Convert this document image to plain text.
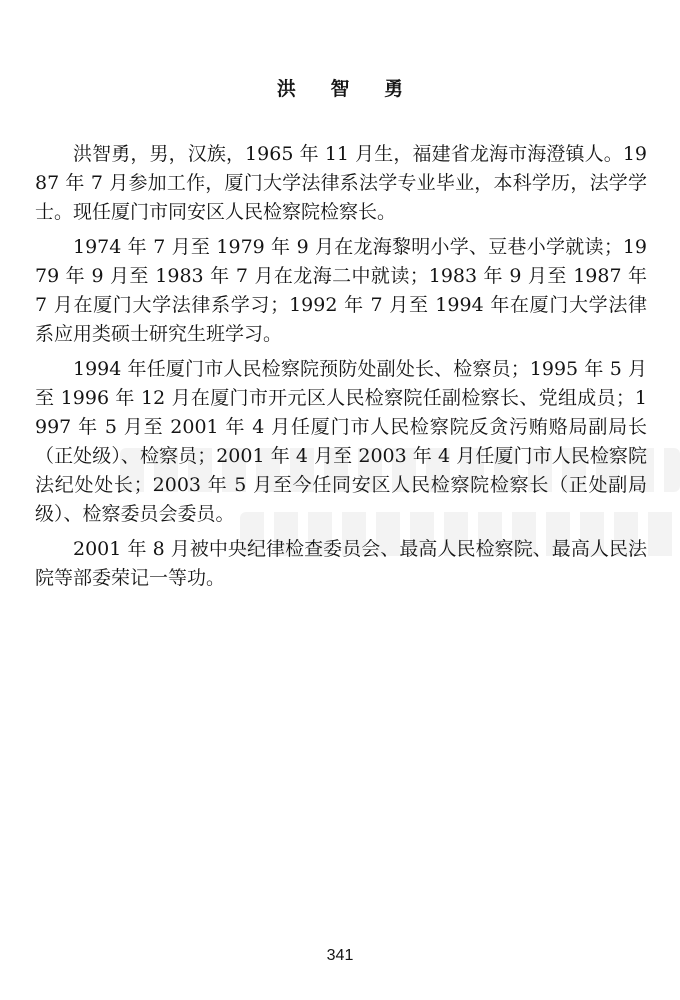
洪 智 勇

洪智勇，男，汉族，1965 年 11 月生，福建省龙海市海澄镇人。1987 年 7 月参加工作，厦门大学法律系法学专业毕业，本科学历，法学学士。现任厦门市同安区人民检察院检察长。

1974 年 7 月至 1979 年 9 月在龙海黎明小学、豆巷小学就读；1979 年 9 月至 1983 年 7 月在龙海二中就读；1983 年 9 月至 1987 年 7 月在厦门大学法律系学习；1992 年 7 月至 1994 年在厦门大学法律系应用类硕士研究生班学习。

1994 年任厦门市人民检察院预防处副处长、检察员；1995 年 5 月至 1996 年 12 月在厦门市开元区人民检察院任副检察长、党组成员；1997 年 5 月至 2001 年 4 月任厦门市人民检察院反贪污贿赂局副局长（正处级）、检察员；2001 年 4 月至 2003 年 4 月任厦门市人民检察院法纪处处长；2003 年 5 月至今任同安区人民检察院检察长（正处副局级）、检察委员会委员。

2001 年 8 月被中央纪律检查委员会、最高人民检察院、最高人民法院等部委荣记一等功。

341
